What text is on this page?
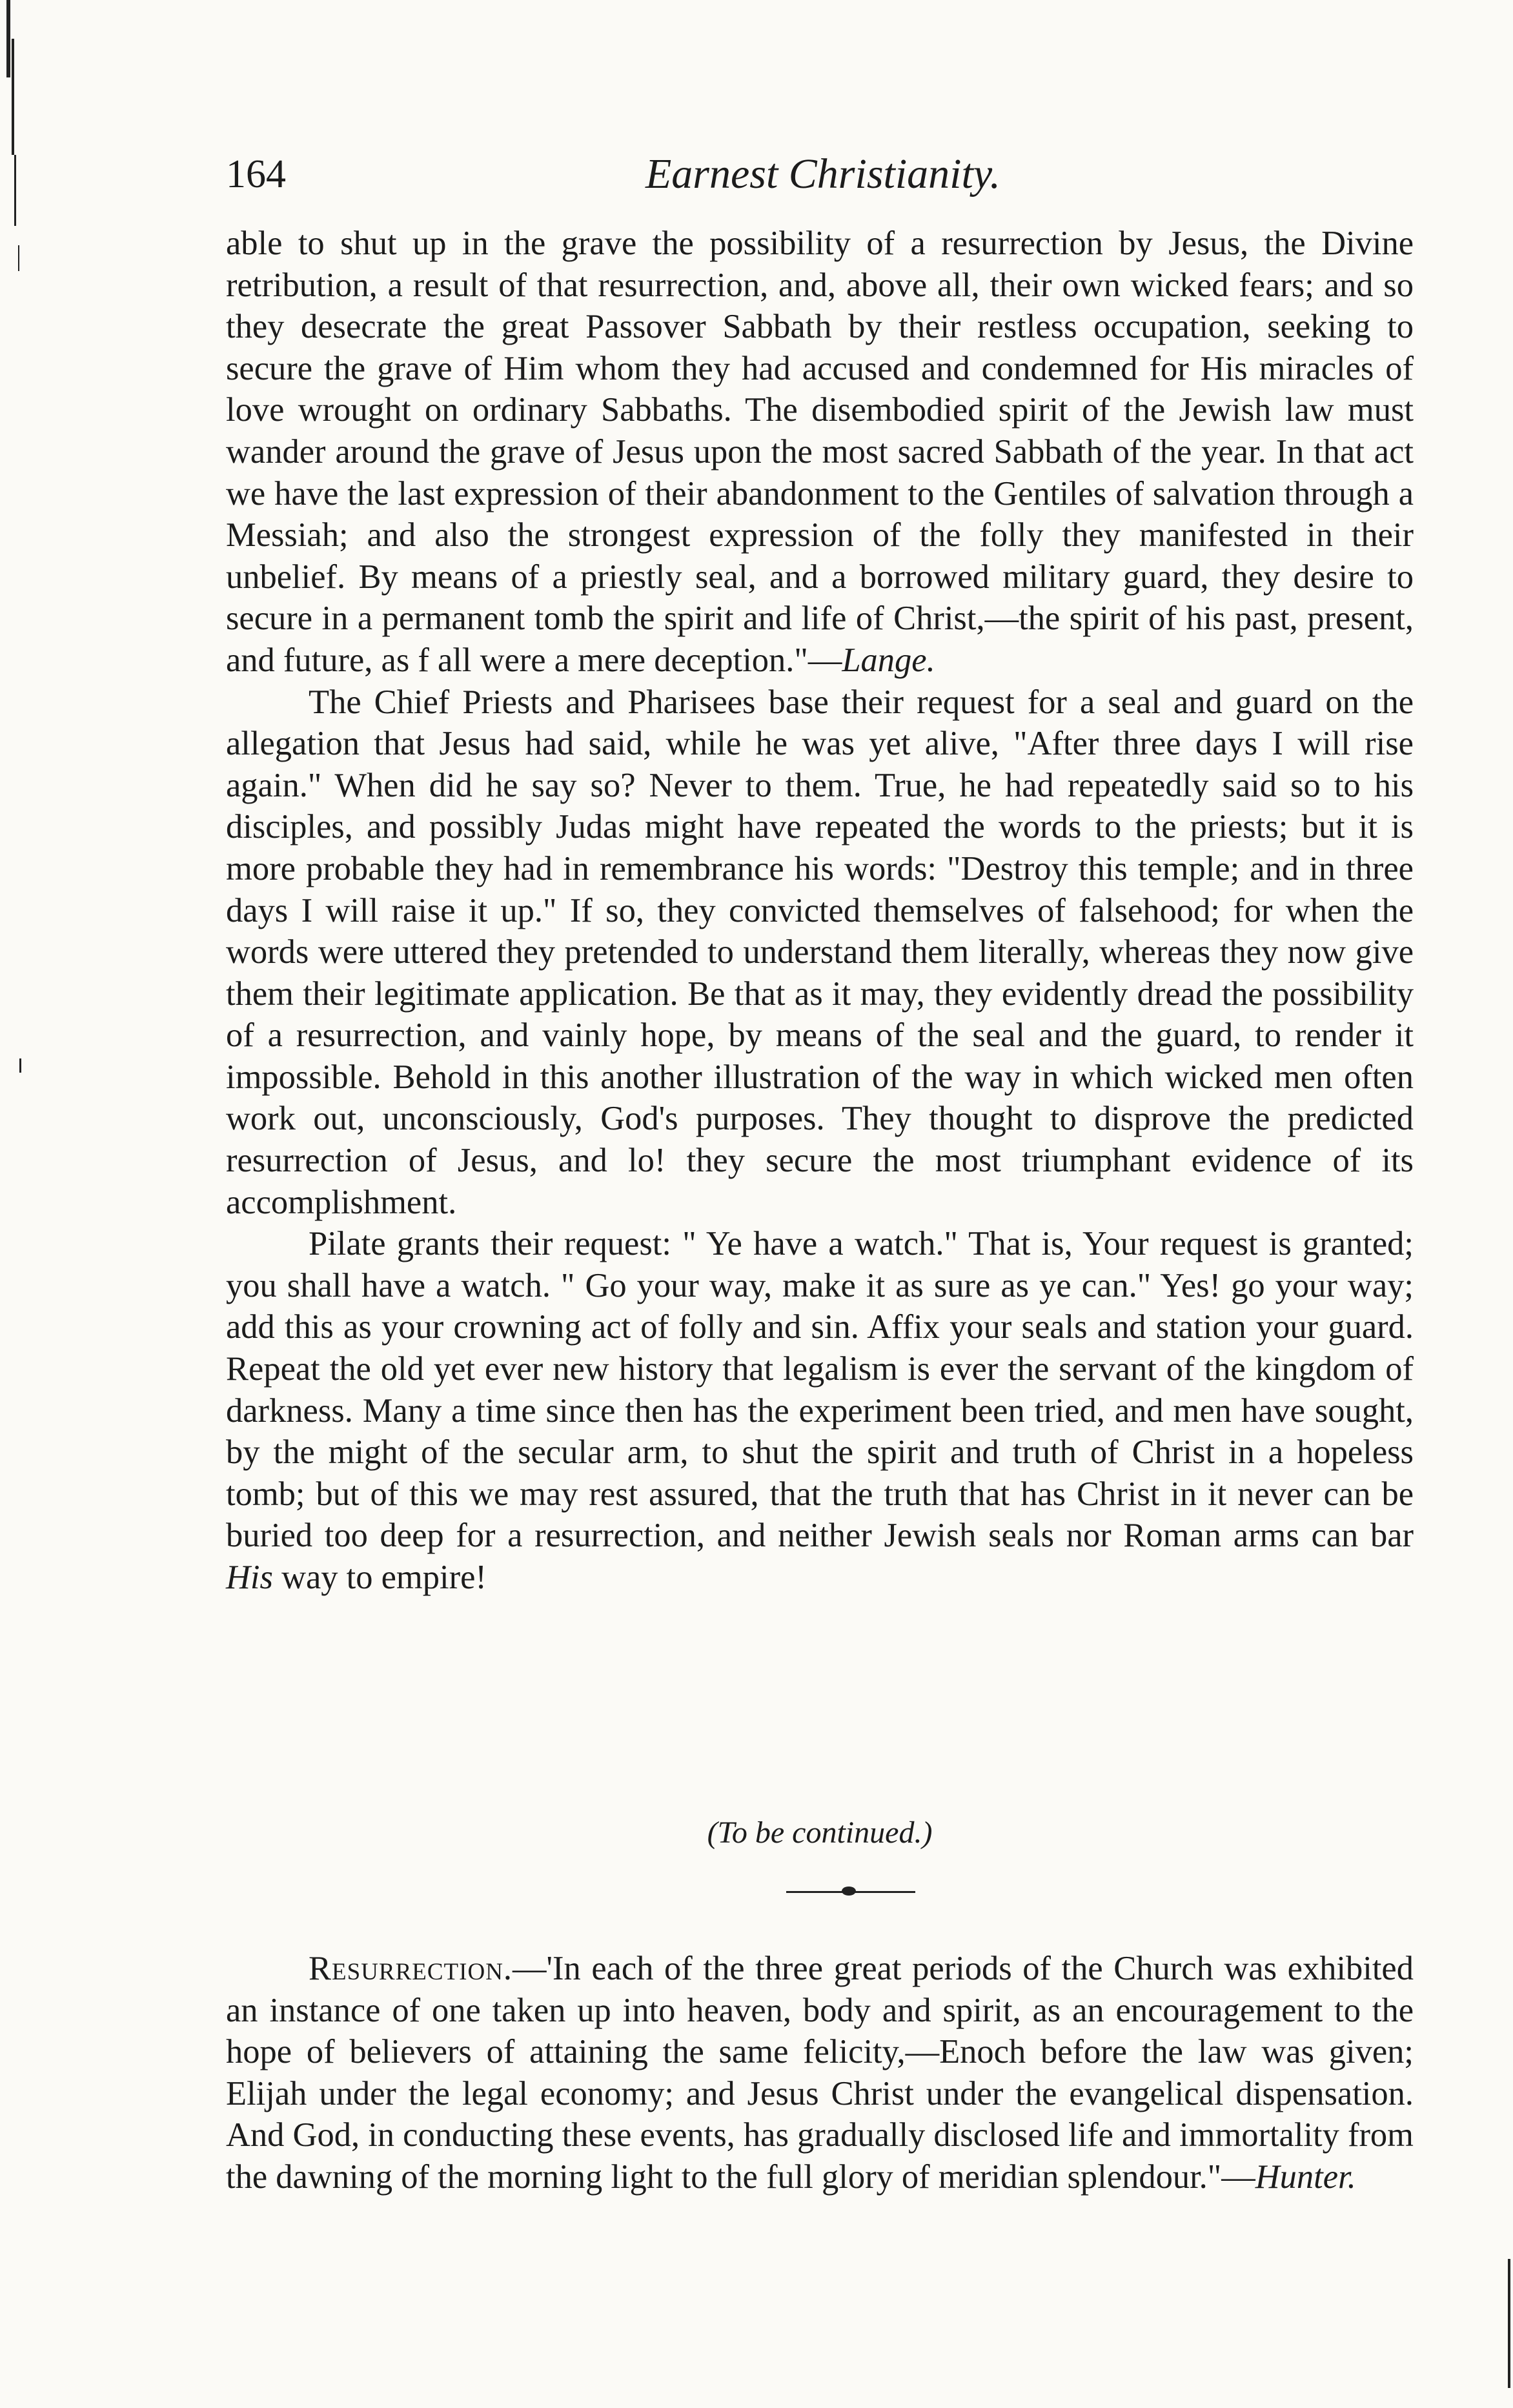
164	Earnest Christianity.

able to shut up in the grave the possibility of a resurrection by Jesus, the Divine retribution, a result of that resurrection, and, above all, their own wicked fears; and so they desecrate the great Passover Sabbath by their restless occupation, seeking to secure the grave of Him whom they had accused and condemned for His miracles of love wrought on ordinary Sabbaths. The disembodied spirit of the Jewish law must wander around the grave of Jesus upon the most sacred Sabbath of the year. In that act we have the last expression of their abandonment to the Gentiles of salvation through a Messiah; and also the strongest expression of the folly they manifested in their unbelief. By means of a priestly seal, and a borrowed military guard, they desire to secure in a permanent tomb the spirit and life of Christ,—the spirit of his past, present, and future, as f all were a mere deception."—Lange.

The Chief Priests and Pharisees base their request for a seal and guard on the allegation that Jesus had said, while he was yet alive, "After three days I will rise again." When did he say so? Never to them. True, he had repeatedly said so to his disciples, and possibly Judas might have repeated the words to the priests; but it is more probable they had in remembrance his words: "Destroy this temple; and in three days I will raise it up." If so, they convicted themselves of falsehood; for when the words were uttered they pretended to understand them literally, whereas they now give them their legitimate application. Be that as it may, they evidently dread the possibility of a resurrection, and vainly hope, by means of the seal and the guard, to render it impossible. Behold in this another illustration of the way in which wicked men often work out, unconsciously, God's purposes. They thought to disprove the predicted resurrection of Jesus, and lo! they secure the most triumphant evidence of its accomplishment.

Pilate grants their request: " Ye have a watch." That is, Your request is granted; you shall have a watch. " Go your way, make it as sure as ye can." Yes! go your way; add this as your crowning act of folly and sin. Affix your seals and station your guard. Repeat the old yet ever new history that legalism is ever the servant of the kingdom of darkness. Many a time since then has the experiment been tried, and men have sought, by the might of the secular arm, to shut the spirit and truth of Christ in a hopeless tomb; but of this we may rest assured, that the truth that has Christ in it never can be buried too deep for a resurrection, and neither Jewish seals nor Roman arms can bar His way to empire!

(To be continued.)

Resurrection.—'In each of the three great periods of the Church was exhibited an instance of one taken up into heaven, body and spirit, as an encouragement to the hope of believers of attaining the same felicity,—Enoch before the law was given; Elijah under the legal economy; and Jesus Christ under the evangelical dispensation. And God, in conducting these events, has gradually disclosed life and immortality from the dawning of the morning light to the full glory of meridian splendour."—Hunter.
